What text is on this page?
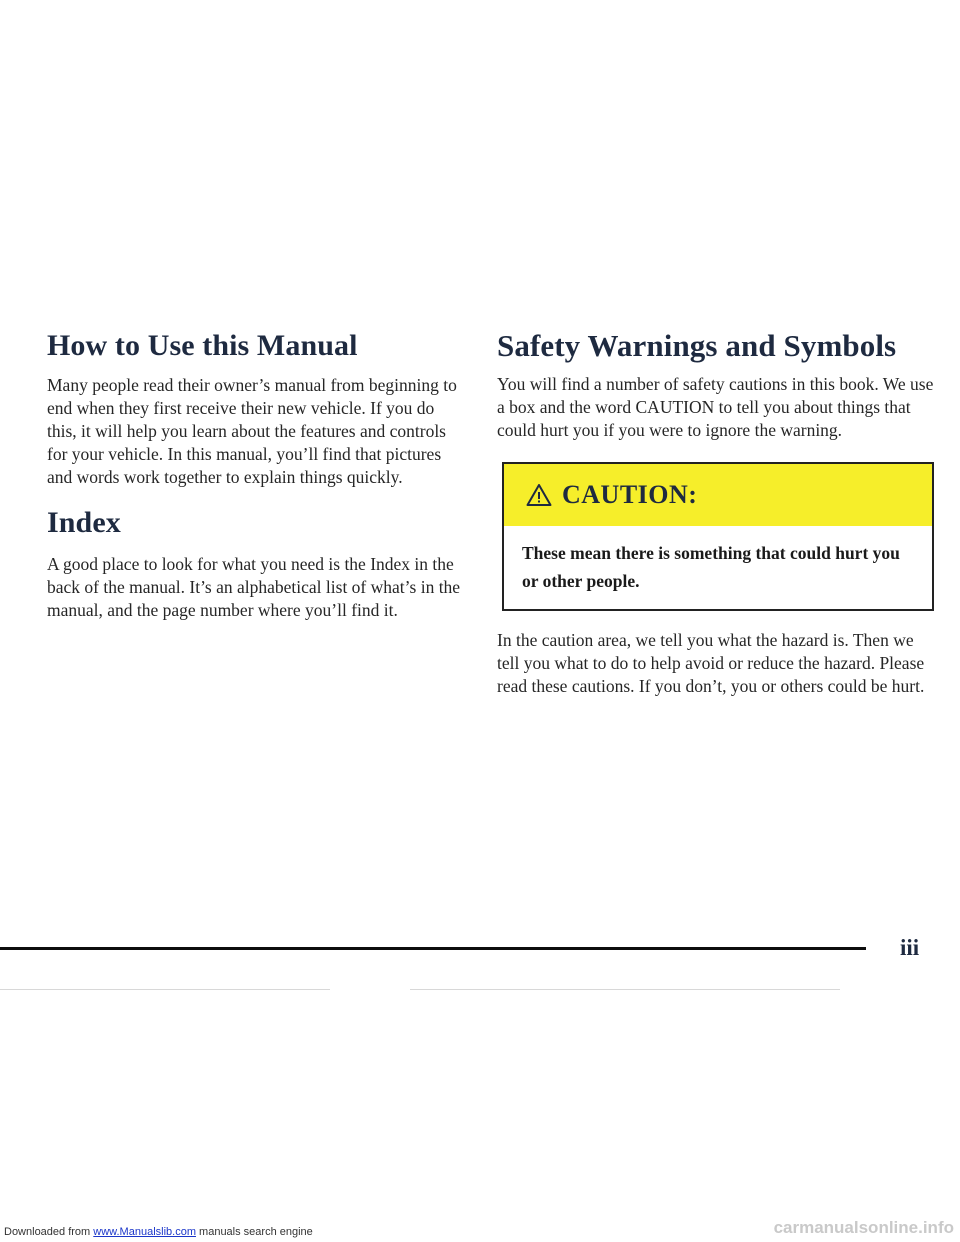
How to Use this Manual

Many people read their owner’s manual from beginning to end when they first receive their new vehicle. If you do this, it will help you learn about the features and controls for your vehicle. In this manual, you’ll find that pictures and words work together to explain things quickly.

Index

A good place to look for what you need is the Index in the back of the manual. It’s an alphabetical list of what’s in the manual, and the page number where you’ll find it.

Safety Warnings and Symbols

You will find a number of safety cautions in this book. We use a box and the word CAUTION to tell you about things that could hurt you if you were to ignore the warning.

CAUTION:
These mean there is something that could hurt you or other people.

In the caution area, we tell you what the hazard is. Then we tell you what to do to help avoid or reduce the hazard. Please read these cautions. If you don’t, you or others could be hurt.

iii
Downloaded from www.Manualslib.com manuals search engine	carmanualsonline.info
